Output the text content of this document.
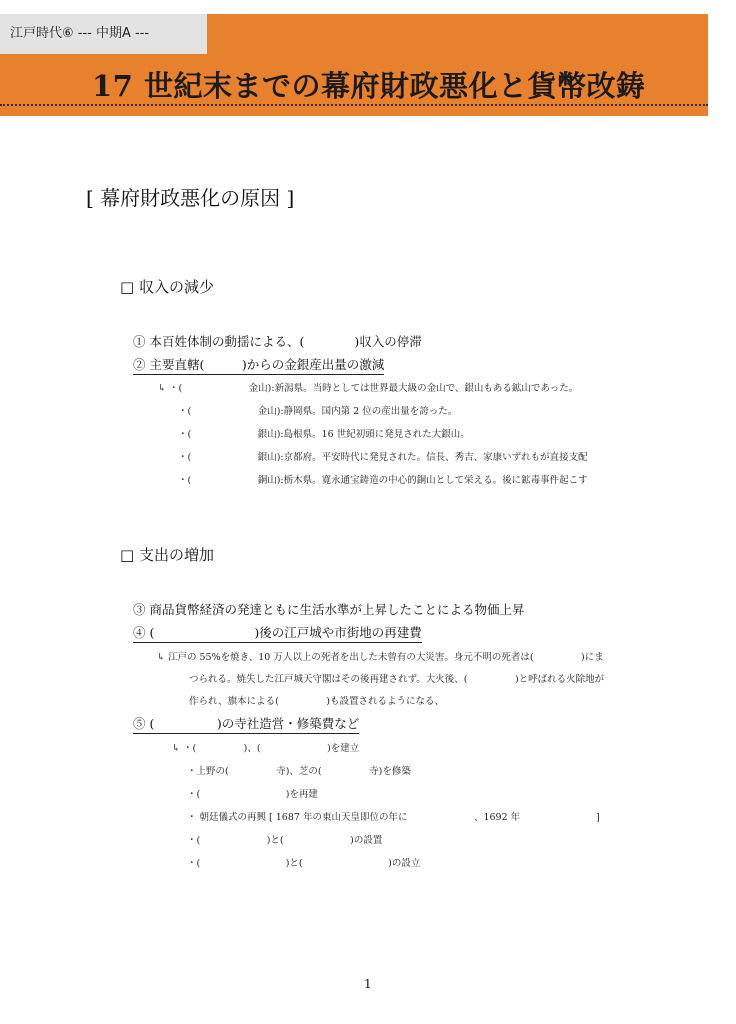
江戸時代⑥ --- 中期A ---
17 世紀末までの幕府財政悪化と貨幣改鋳
[ 幕府財政悪化の原因 ]
□ 収入の減少
① 本百姓体制の動揺による、(　　　　)収入の停滞
② 主要直轄(　　　)からの金銀産出量の激減
↳ ・(　　　　　　　金山):新潟県。当時としては世界最大級の金山で、銀山もある鉱山であった。
・(　　　　　　　金山):静岡県。国内第 2 位の産出量を誇った。
・(　　　　　　　銀山):島根県。16 世紀初頭に発見された大銀山。
・(　　　　　　　銀山):京都府。平安時代に発見された。信長、秀吉、家康いずれもが直接支配
・(　　　　　　　銅山):栃木県。寛永通宝鋳造の中心的銅山として栄える。後に鉱毒事件起こす
□ 支出の増加
③ 商品貨幣経済の発達ともに生活水準が上昇したことによる物価上昇
④ (　　　　　　　　)後の江戸城や市街地の再建費
↳ 江戸の 55%を焼き、10 万人以上の死者を出した未曾有の大災害。身元不明の死者は(　　　　　)にま
つられる。焼失した江戸城天守閣はその後再建されず。大火後、(　　　　　)と呼ばれる火除地が
作られ、旗本による(　　　　　)も設置されるようになる、
⑤ (　　　　　)の寺社造営・修築費など
↳ ・(　　　　　)、(　　　　　　　)を建立
・上野の(　　　　　寺)、芝の(　　　　　寺)を修築
・(　　　　　　　　　)を再建
・ 朝廷儀式の再興 [ 1687 年の東山天皇即位の年に　　　　　　　、1692 年　　　　　　　　]
・(　　　　　　　)と(　　　　　　　)の設置
・(　　　　　　　　　)と(　　　　　　　　　)の設立
1
